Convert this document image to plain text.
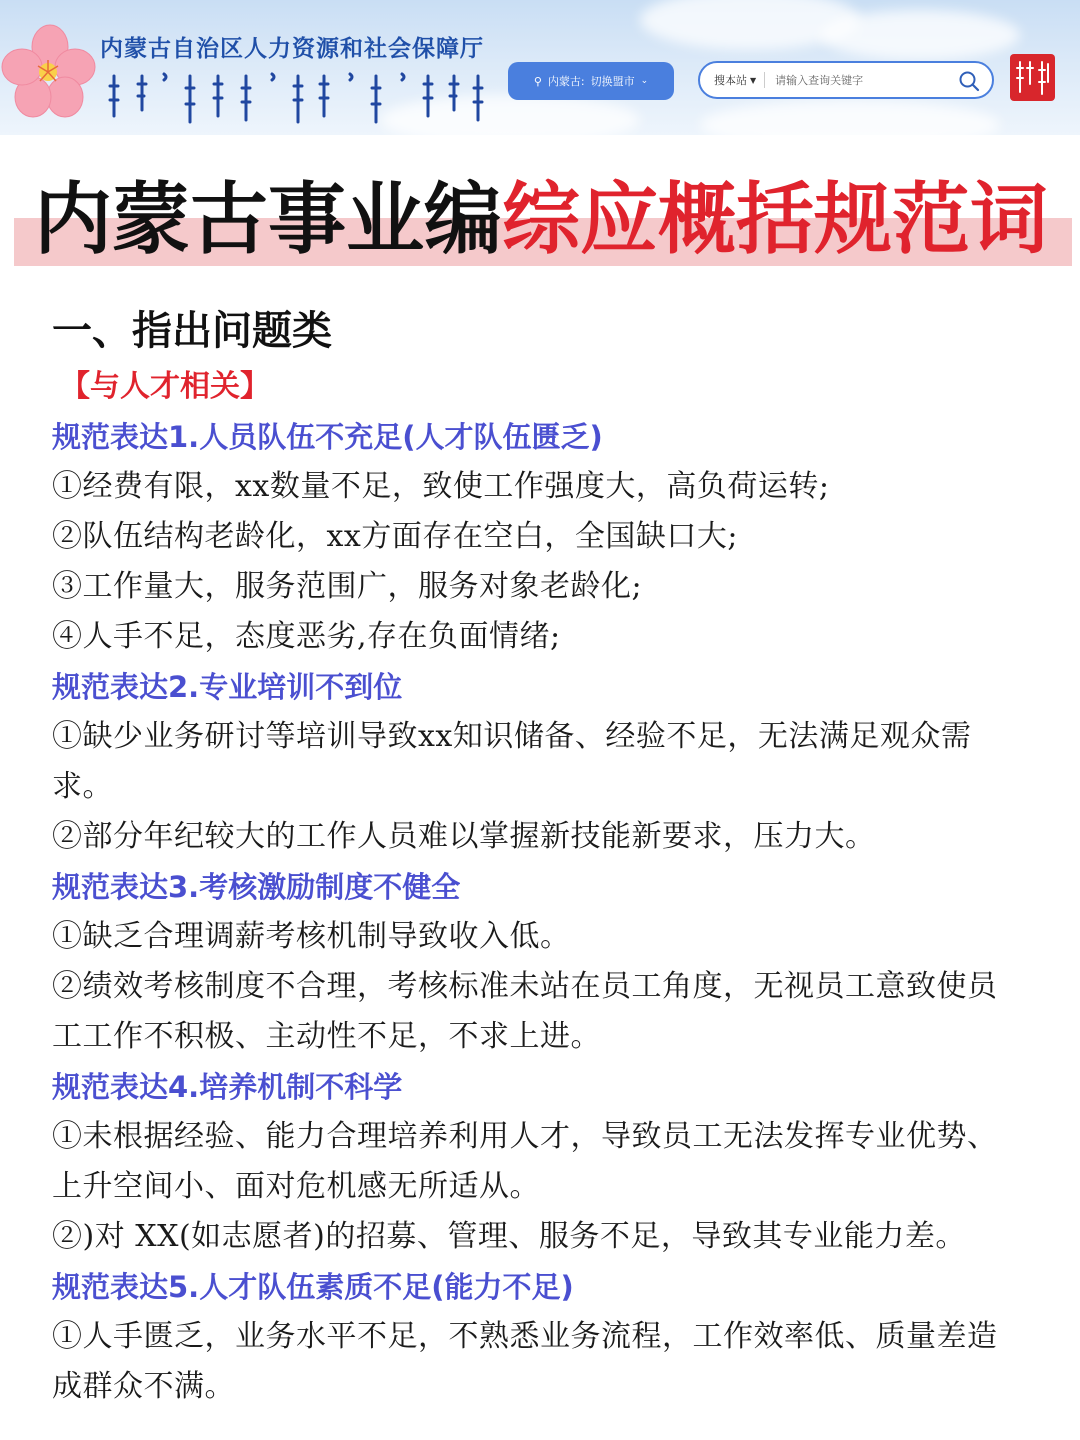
内蒙古自治区人力资源和社会保障厅
⚲ 内蒙古: 切换盟市 ⌄	搜本站 ▼
请输入查询关键字
内蒙古事业编综应概括规范词
一、指出问题类
【与人才相关】
规范表达1.人员队伍不充足(人才队伍匮乏)
①经费有限，xx数量不足，致使工作强度大，高负荷运转;
②队伍结构老龄化，xx方面存在空白，全国缺口大;
③工作量大，服务范围广，服务对象老龄化;
④人手不足，态度恶劣,存在负面情绪;
规范表达2.专业培训不到位
①缺少业务研讨等培训导致xx知识储备、经验不足，无法满足观众需
求。
②部分年纪较大的工作人员难以掌握新技能新要求，压力大。
规范表达3.考核激励制度不健全
①缺乏合理调薪考核机制导致收入低。
②绩效考核制度不合理，考核标准未站在员工角度，无视员工意致使员
工工作不积极、主动性不足，不求上进。
规范表达4.培养机制不科学
①未根据经验、能力合理培养利用人才，导致员工无法发挥专业优势、
上升空间小、面对危机感无所适从。
②)对 XX(如志愿者)的招募、管理、服务不足，导致其专业能力差。
规范表达5.人才队伍素质不足(能力不足)
①人手匮乏，业务水平不足，不熟悉业务流程，工作效率低、质量差造
成群众不满。
